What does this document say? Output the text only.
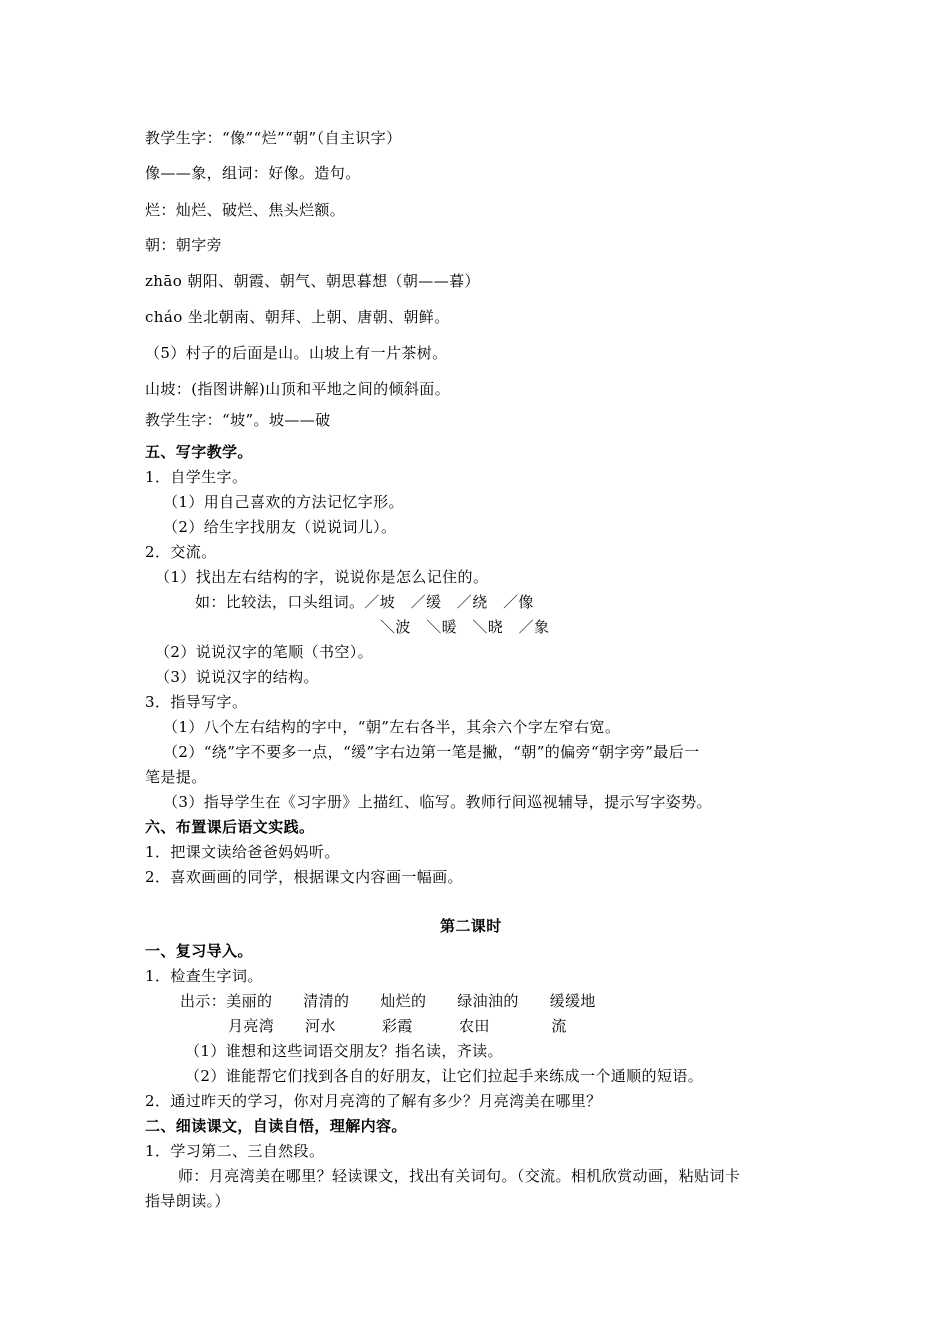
教学生字：“像”“烂”“朝”（自主识字）
像——象，组词：好像。造句。
烂：灿烂、破烂、焦头烂额。
朝：朝字旁
zhāo 朝阳、朝霞、朝气、朝思暮想（朝——暮）
cháo 坐北朝南、朝拜、上朝、唐朝、朝鲜。
（5）村子的后面是山。山坡上有一片茶树。
山坡：(指图讲解)山顶和平地之间的倾斜面。
教学生字：“坡”。坡——破
五、写字教学。
1．自学生字。
（1）用自己喜欢的方法记忆字形。
（2）给生字找朋友（说说词儿）。
2．交流。
（1）找出左右结构的字，说说你是怎么记住的。
如：比较法，口头组词。／坡　／缓　／绕　／像
＼波　＼暖　＼晓　／象
（2）说说汉字的笔顺（书空）。
（3）说说汉字的结构。
3．指导写字。
（1）八个左右结构的字中，“朝”左右各半，其余六个字左窄右宽。
（2）“绕”字不要多一点，“缓”字右边第一笔是撇，“朝”的偏旁“朝字旁”最后一
笔是提。
（3）指导学生在《习字册》上描红、临写。教师行间巡视辅导，提示写字姿势。
六、布置课后语文实践。
1．把课文读给爸爸妈妈听。
2．喜欢画画的同学，根据课文内容画一幅画。
第二课时
一、复习导入。
1．检查生字词。
出示：美丽的　　清清的　　灿烂的　　绿油油的　　缓缓地
月亮湾　　河水　　　彩霞　　　农田　　　　流
（1）谁想和这些词语交朋友？指名读，齐读。
（2）谁能帮它们找到各自的好朋友，让它们拉起手来练成一个通顺的短语。
2．通过昨天的学习，你对月亮湾的了解有多少？月亮湾美在哪里？
二、细读课文，自读自悟，理解内容。
1．学习第二、三自然段。
师：月亮湾美在哪里？轻读课文，找出有关词句。（交流。相机欣赏动画，粘贴词卡
指导朗读。）
